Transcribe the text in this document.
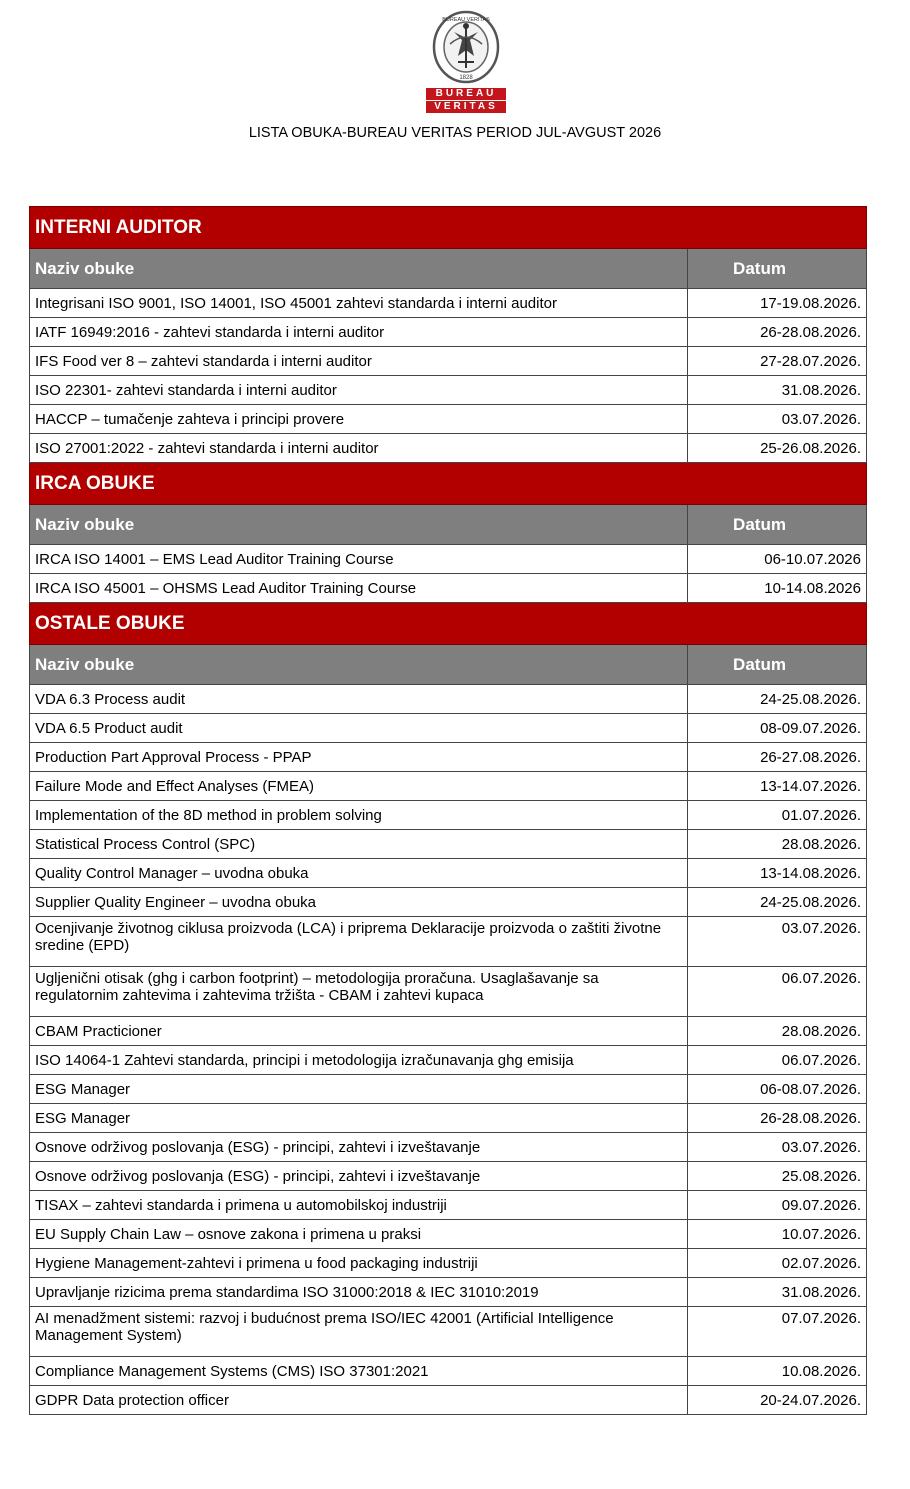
BUREAU VERITAS
1828
BUREAU
VERITAS
LISTA OBUKA-BUREAU VERITAS PERIOD JUL-AVGUST 2026
INTERNI AUDITOR	
Naziv obuke	Datum
Integrisani ISO 9001, ISO 14001, ISO 45001 zahtevi standarda i interni auditor	17-19.08.2026.
IATF 16949:2016 - zahtevi standarda i interni auditor	26-28.08.2026.
IFS Food ver 8 – zahtevi standarda i interni auditor	27-28.07.2026.
ISO 22301- zahtevi standarda i interni auditor	31.08.2026.
HACCP – tumačenje zahteva i principi provere	03.07.2026.
ISO 27001:2022 - zahtevi standarda i interni auditor	25-26.08.2026.
IRCA OBUKE	
Naziv obuke	Datum
IRCA ISO 14001 – EMS Lead Auditor Training Course	06-10.07.2026
IRCA ISO 45001 – OHSMS Lead Auditor Training Course	10-14.08.2026
OSTALE OBUKE	
Naziv obuke	Datum
VDA 6.3 Process audit	24-25.08.2026.
VDA 6.5 Product audit	08-09.07.2026.
Production Part Approval Process - PPAP	26-27.08.2026.
Failure Mode and Effect Analyses (FMEA)	13-14.07.2026.
Implementation of the 8D method in problem solving	01.07.2026.
Statistical Process Control (SPC)	28.08.2026.
Quality Control Manager – uvodna obuka	13-14.08.2026.
Supplier Quality Engineer – uvodna obuka	24-25.08.2026.
Ocenjivanje životnog ciklusa proizvoda (LCA) i priprema Deklaracije proizvoda o zaštiti životne sredine (EPD)	03.07.2026.
Ugljenični otisak (ghg i carbon footprint) – metodologija proračuna. Usaglašavanje sa regulatornim zahtevima i zahtevima tržišta - CBAM i zahtevi kupaca	06.07.2026.
CBAM Practicioner	28.08.2026.
ISO 14064-1 Zahtevi standarda, principi i metodologija izračunavanja ghg emisija	06.07.2026.
ESG Manager	06-08.07.2026.
ESG Manager	26-28.08.2026.
Osnove održivog poslovanja (ESG) - principi, zahtevi i izveštavanje	03.07.2026.
Osnove održivog poslovanja (ESG) - principi, zahtevi i izveštavanje	25.08.2026.
TISAX – zahtevi standarda i primena u automobilskoj industriji	09.07.2026.
EU Supply Chain Law – osnove zakona i primena u praksi	10.07.2026.
Hygiene Management-zahtevi i primena u food packaging industriji	02.07.2026.
Upravljanje rizicima prema standardima ISO 31000:2018 & IEC 31010:2019	31.08.2026.
AI menadžment sistemi: razvoj i budućnost prema ISO/IEC 42001 (Artificial Intelligence Management System)	07.07.2026.
Compliance Management Systems (CMS) ISO 37301:2021	10.08.2026.
GDPR Data protection officer	20-24.07.2026.
